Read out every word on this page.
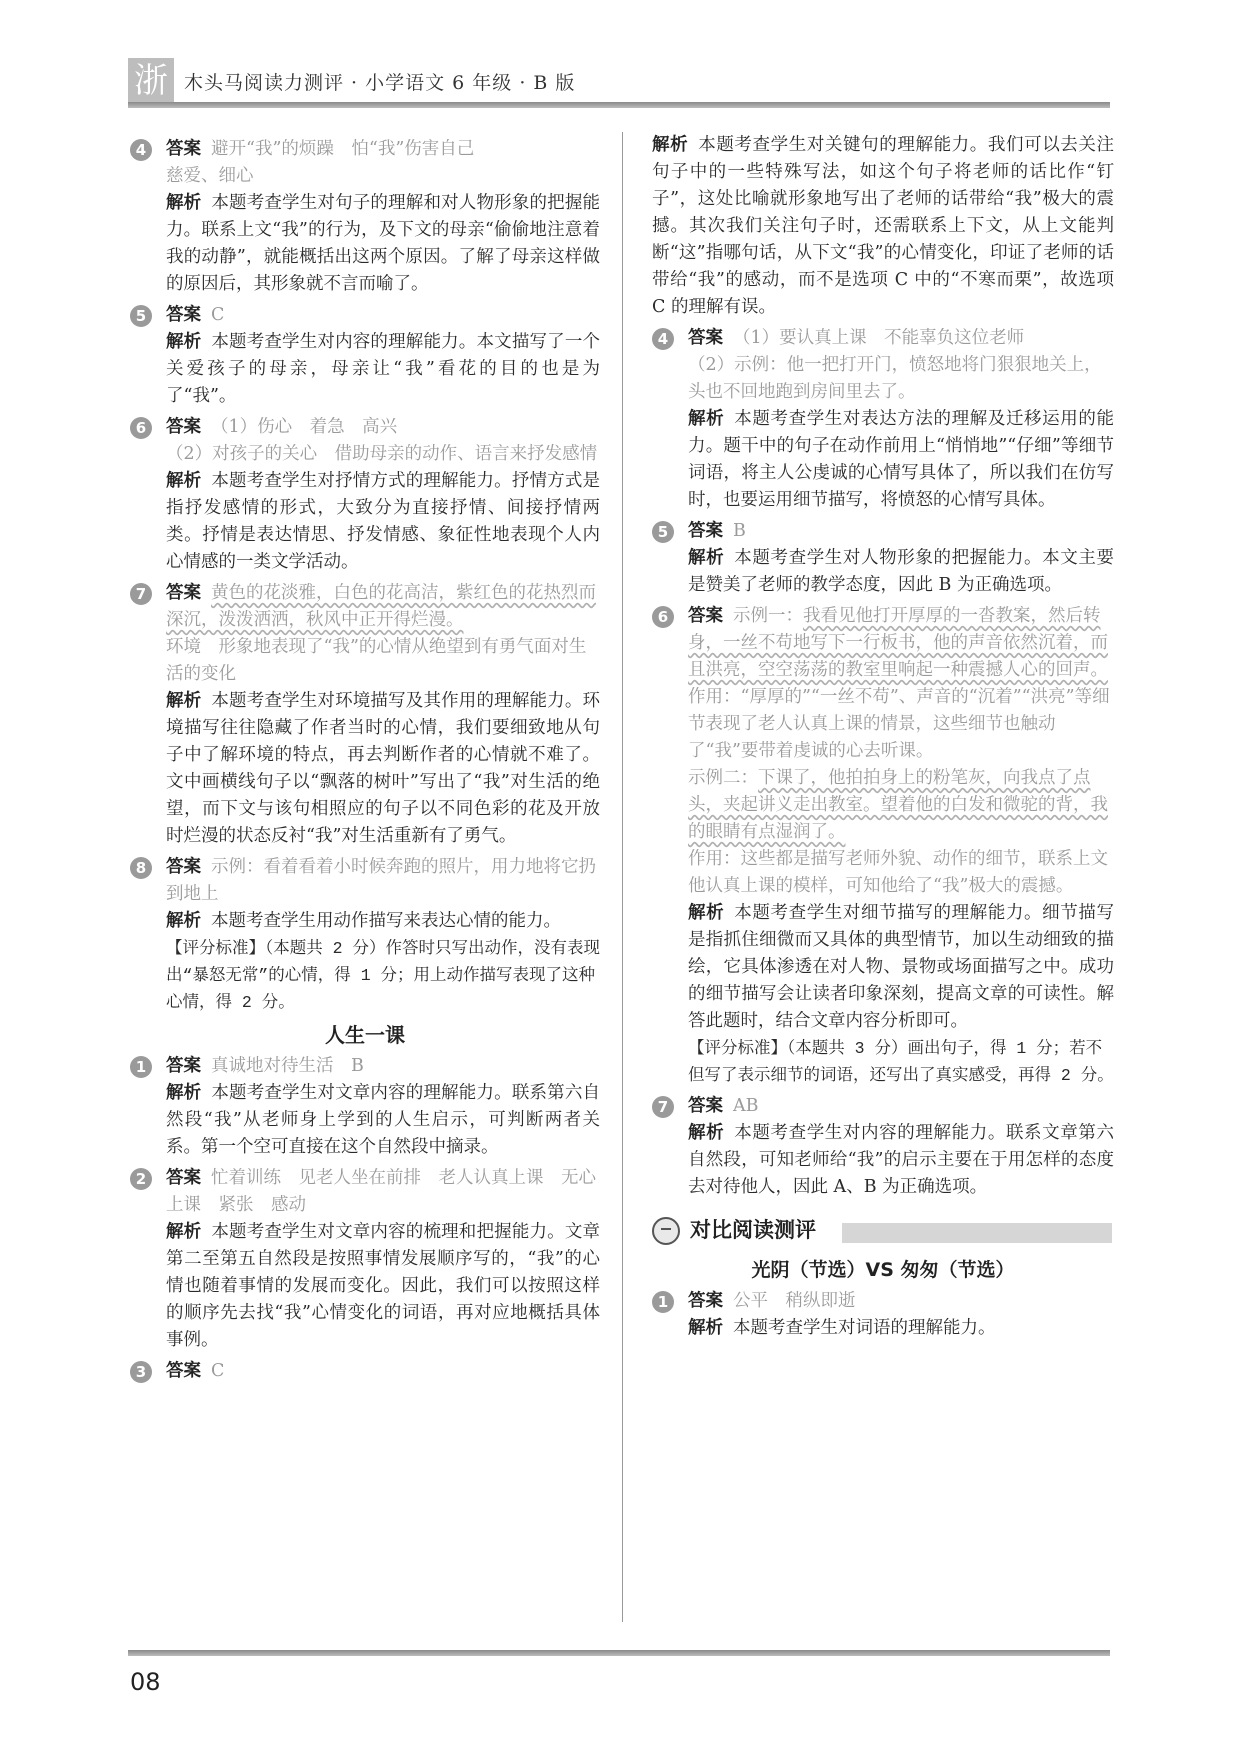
浙 木头马阅读力测评 · 小学语文 6 年级 · B 版
4	答案 避开“我”的烦躁　怕“我”伤害自己
慈爱、细心
解析 本题考查学生对句子的理解和对人物形象的把握能力。联系上文“我”的行为，及下文的母亲“偷偷地注意着我的动静”，就能概括出这两个原因。了解了母亲这样做的原因后，其形象就不言而喻了。
5	答案 C
解析 本题考查学生对内容的理解能力。本文描写了一个关爱孩子的母亲，母亲让“我”看花的目的也是为了“我”。
6	答案 （1）伤心　着急　高兴
（2）对孩子的关心　借助母亲的动作、语言来抒发感情
解析 本题考查学生对抒情方式的理解能力。抒情方式是指抒发感情的形式，大致分为直接抒情、间接抒情两类。抒情是表达情思、抒发情感、象征性地表现个人内心情感的一类文学活动。
7	答案 黄色的花淡雅，白色的花高洁，紫红色的花热烈而深沉，泼泼洒洒，秋风中正开得烂漫。
环境　形象地表现了“我”的心情从绝望到有勇气面对生活的变化
解析 本题考查学生对环境描写及其作用的理解能力。环境描写往往隐藏了作者当时的心情，我们要细致地从句子中了解环境的特点，再去判断作者的心情就不难了。文中画横线句子以“飘落的树叶”写出了“我”对生活的绝望，而下文与该句相照应的句子以不同色彩的花及开放时烂漫的状态反衬“我”对生活重新有了勇气。
8	答案 示例：看着看着小时候奔跑的照片，用力地将它扔到地上
解析 本题考查学生用动作描写来表达心情的能力。
【评分标准】（本题共 2 分）作答时只写出动作，没有表现出“暴怒无常”的心情，得 1 分；用上动作描写表现了这种心情，得 2 分。
人生一课
1	答案 真诚地对待生活　B
解析 本题考查学生对文章内容的理解能力。联系第六自然段“我”从老师身上学到的人生启示，可判断两者关系。第一个空可直接在这个自然段中摘录。
2	答案 忙着训练　见老人坐在前排　老人认真上课　无心上课　紧张　感动
解析 本题考查学生对文章内容的梳理和把握能力。文章第二至第五自然段是按照事情发展顺序写的，“我”的心情也随着事情的发展而变化。因此，我们可以按照这样的顺序先去找“我”心情变化的词语，再对应地概括具体事例。
3	答案 C
解析 本题考查学生对关键句的理解能力。我们可以去关注句子中的一些特殊写法，如这个句子将老师的话比作“钉子”，这处比喻就形象地写出了老师的话带给“我”极大的震撼。其次我们关注句子时，还需联系上下文，从上文能判断“这”指哪句话，从下文“我”的心情变化，印证了老师的话带给“我”的感动，而不是选项 C 中的“不寒而栗”，故选项 C 的理解有误。
4	答案 （1）要认真上课　不能辜负这位老师
（2）示例：他一把打开门，愤怒地将门狠狠地关上，头也不回地跑到房间里去了。
解析 本题考查学生对表达方法的理解及迁移运用的能力。题干中的句子在动作前用上“悄悄地”“仔细”等细节词语，将主人公虔诚的心情写具体了，所以我们在仿写时，也要运用细节描写，将愤怒的心情写具体。
5	答案 B
解析 本题考查学生对人物形象的把握能力。本文主要是赞美了老师的教学态度，因此 B 为正确选项。
6	答案 示例一：我看见他打开厚厚的一沓教案，然后转身，一丝不苟地写下一行板书，他的声音依然沉着，而且洪亮，空空荡荡的教室里响起一种震撼人心的回声。
作用：“厚厚的”“一丝不苟”、声音的“沉着”“洪亮”等细节表现了老人认真上课的情景，这些细节也触动了“我”要带着虔诚的心去听课。
示例二：下课了，他拍拍身上的粉笔灰，向我点了点头，夹起讲义走出教室。望着他的白发和微驼的背，我的眼睛有点湿润了。
作用：这些都是描写老师外貌、动作的细节，联系上文他认真上课的模样，可知他给了“我”极大的震撼。
解析 本题考查学生对细节描写的理解能力。细节描写是指抓住细微而又具体的典型情节，加以生动细致的描绘，它具体渗透在对人物、景物或场面描写之中。成功的细节描写会让读者印象深刻，提高文章的可读性。解答此题时，结合文章内容分析即可。
【评分标准】（本题共 3 分）画出句子，得 1 分；若不但写了表示细节的词语，还写出了真实感受，再得 2 分。
7	答案 AB
解析 本题考查学生对内容的理解能力。联系文章第六自然段，可知老师给“我”的启示主要在于用怎样的态度去对待他人，因此 A、B 为正确选项。
对比阅读测评
光阴（节选）VS 匆匆（节选）
1	答案 公平　稍纵即逝
解析 本题考查学生对词语的理解能力。
08
